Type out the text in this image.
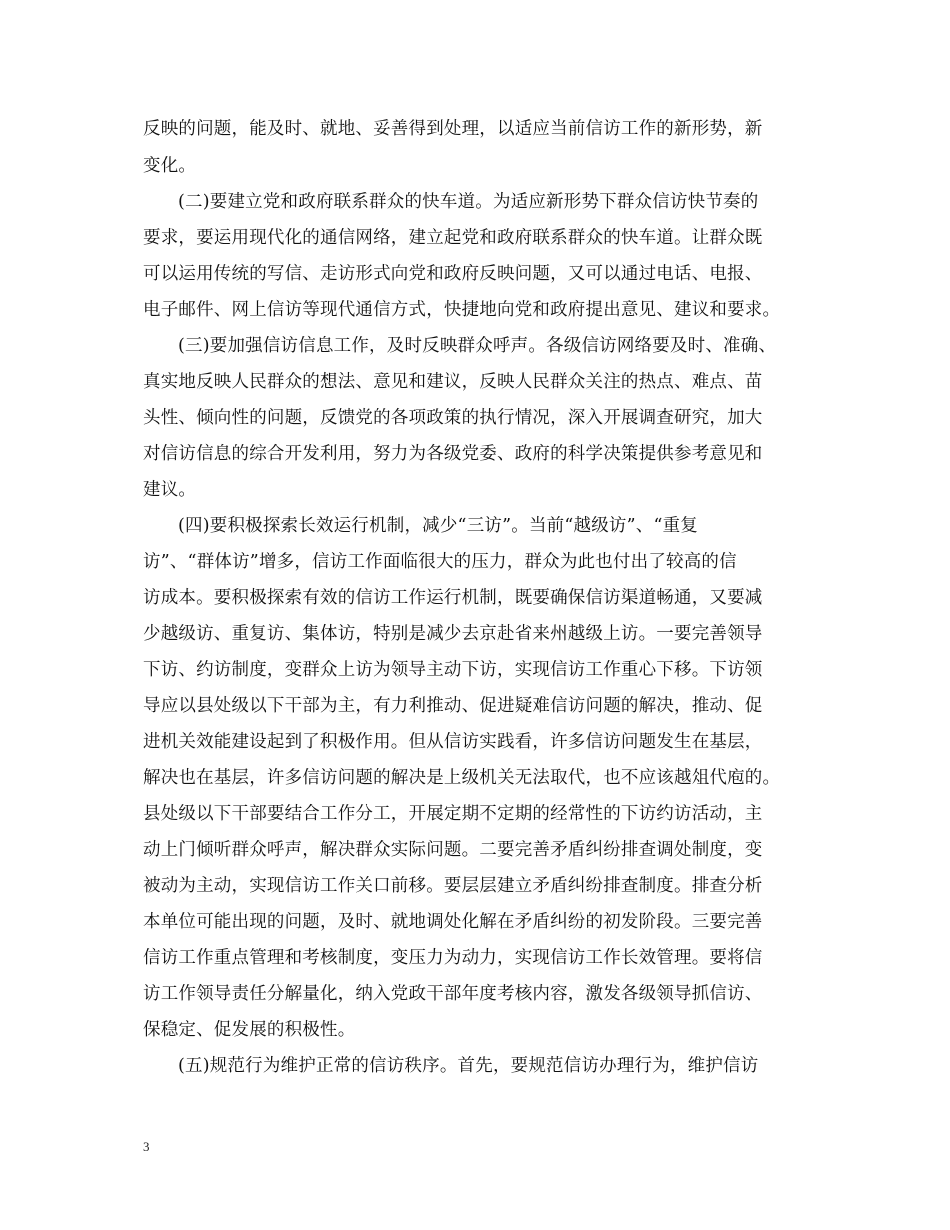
反映的问题，能及时、就地、妥善得到处理，以适应当前信访工作的新形势，新
变化。
(二)要建立党和政府联系群众的快车道。为适应新形势下群众信访快节奏的
要求，要运用现代化的通信网络，建立起党和政府联系群众的快车道。让群众既
可以运用传统的写信、走访形式向党和政府反映问题，又可以通过电话、电报、
电子邮件、网上信访等现代通信方式，快捷地向党和政府提出意见、建议和要求。
(三)要加强信访信息工作，及时反映群众呼声。各级信访网络要及时、准确、
真实地反映人民群众的想法、意见和建议，反映人民群众关注的热点、难点、苗
头性、倾向性的问题，反馈党的各项政策的执行情况，深入开展调查研究，加大
对信访信息的综合开发利用，努力为各级党委、政府的科学决策提供参考意见和
建议。
(四)要积极探索长效运行机制，减少“三访”。当前“越级访”、“重复
访”、“群体访”增多，信访工作面临很大的压力，群众为此也付出了较高的信
访成本。要积极探索有效的信访工作运行机制，既要确保信访渠道畅通，又要减
少越级访、重复访、集体访，特别是减少去京赴省来州越级上访。一要完善领导
下访、约访制度，变群众上访为领导主动下访，实现信访工作重心下移。下访领
导应以县处级以下干部为主，有力利推动、促进疑难信访问题的解决，推动、促
进机关效能建设起到了积极作用。但从信访实践看，许多信访问题发生在基层，
解决也在基层，许多信访问题的解决是上级机关无法取代，也不应该越俎代庖的。
县处级以下干部要结合工作分工，开展定期不定期的经常性的下访约访活动，主
动上门倾听群众呼声，解决群众实际问题。二要完善矛盾纠纷排查调处制度，变
被动为主动，实现信访工作关口前移。要层层建立矛盾纠纷排查制度。排查分析
本单位可能出现的问题，及时、就地调处化解在矛盾纠纷的初发阶段。三要完善
信访工作重点管理和考核制度，变压力为动力，实现信访工作长效管理。要将信
访工作领导责任分解量化，纳入党政干部年度考核内容，激发各级领导抓信访、
保稳定、促发展的积极性。
(五)规范行为维护正常的信访秩序。首先，要规范信访办理行为，维护信访
3
